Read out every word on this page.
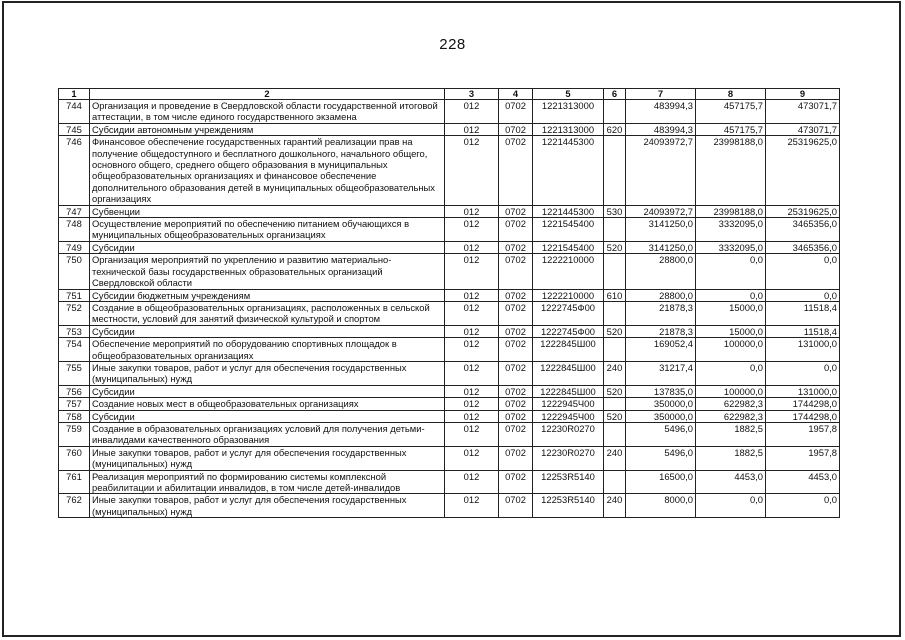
228
1	2	3	4	5	6	7	8	9
744	Организация и проведение в Свердловской области государственной итоговой аттестации, в том числе единого государственного экзамена	012	0702	1221313000		483994,3	457175,7	473071,7
745	Субсидии автономным учреждениям	012	0702	1221313000	620	483994,3	457175,7	473071,7
746	Финансовое обеспечение государственных гарантий реализации прав на получение общедоступного и бесплатного дошкольного, начального общего, основного общего, среднего общего образования в муниципальных общеобразовательных организациях и финансовое обеспечение дополнительного образования детей в муниципальных общеобразовательных организациях	012	0702	1221445300		24093972,7	23998188,0	25319625,0
747	Субвенции	012	0702	1221445300	530	24093972,7	23998188,0	25319625,0
748	Осуществление мероприятий по обеспечению питанием обучающихся в муниципальных общеобразовательных организациях	012	0702	1221545400		3141250,0	3332095,0	3465356,0
749	Субсидии	012	0702	1221545400	520	3141250,0	3332095,0	3465356,0
750	Организация мероприятий по укреплению и развитию материально-технической базы государственных образовательных организаций Свердловской области	012	0702	1222210000		28800,0	0,0	0,0
751	Субсидии бюджетным учреждениям	012	0702	1222210000	610	28800,0	0,0	0,0
752	Создание в общеобразовательных организациях, расположенных в сельской местности, условий для занятий физической культурой и спортом	012	0702	1222745Ф00		21878,3	15000,0	11518,4
753	Субсидии	012	0702	1222745Ф00	520	21878,3	15000,0	11518,4
754	Обеспечение мероприятий по оборудованию спортивных площадок в общеобразовательных организациях	012	0702	1222845Ш00		169052,4	100000,0	131000,0
755	Иные закупки товаров, работ и услуг для обеспечения государственных (муниципальных) нужд	012	0702	1222845Ш00	240	31217,4	0,0	0,0
756	Субсидии	012	0702	1222845Ш00	520	137835,0	100000,0	131000,0
757	Создание новых мест в общеобразовательных организациях	012	0702	1222945Ч00		350000,0	622982,3	1744298,0
758	Субсидии	012	0702	1222945Ч00	520	350000,0	622982,3	1744298,0
759	Создание в образовательных организациях условий для получения детьми-инвалидами качественного образования	012	0702	12230R0270		5496,0	1882,5	1957,8
760	Иные закупки товаров, работ и услуг для обеспечения государственных (муниципальных) нужд	012	0702	12230R0270	240	5496,0	1882,5	1957,8
761	Реализация мероприятий по формированию системы комплексной реабилитации и абилитации инвалидов, в том числе детей-инвалидов	012	0702	12253R5140		16500,0	4453,0	4453,0
762	Иные закупки товаров, работ и услуг для обеспечения государственных (муниципальных) нужд	012	0702	12253R5140	240	8000,0	0,0	0,0
